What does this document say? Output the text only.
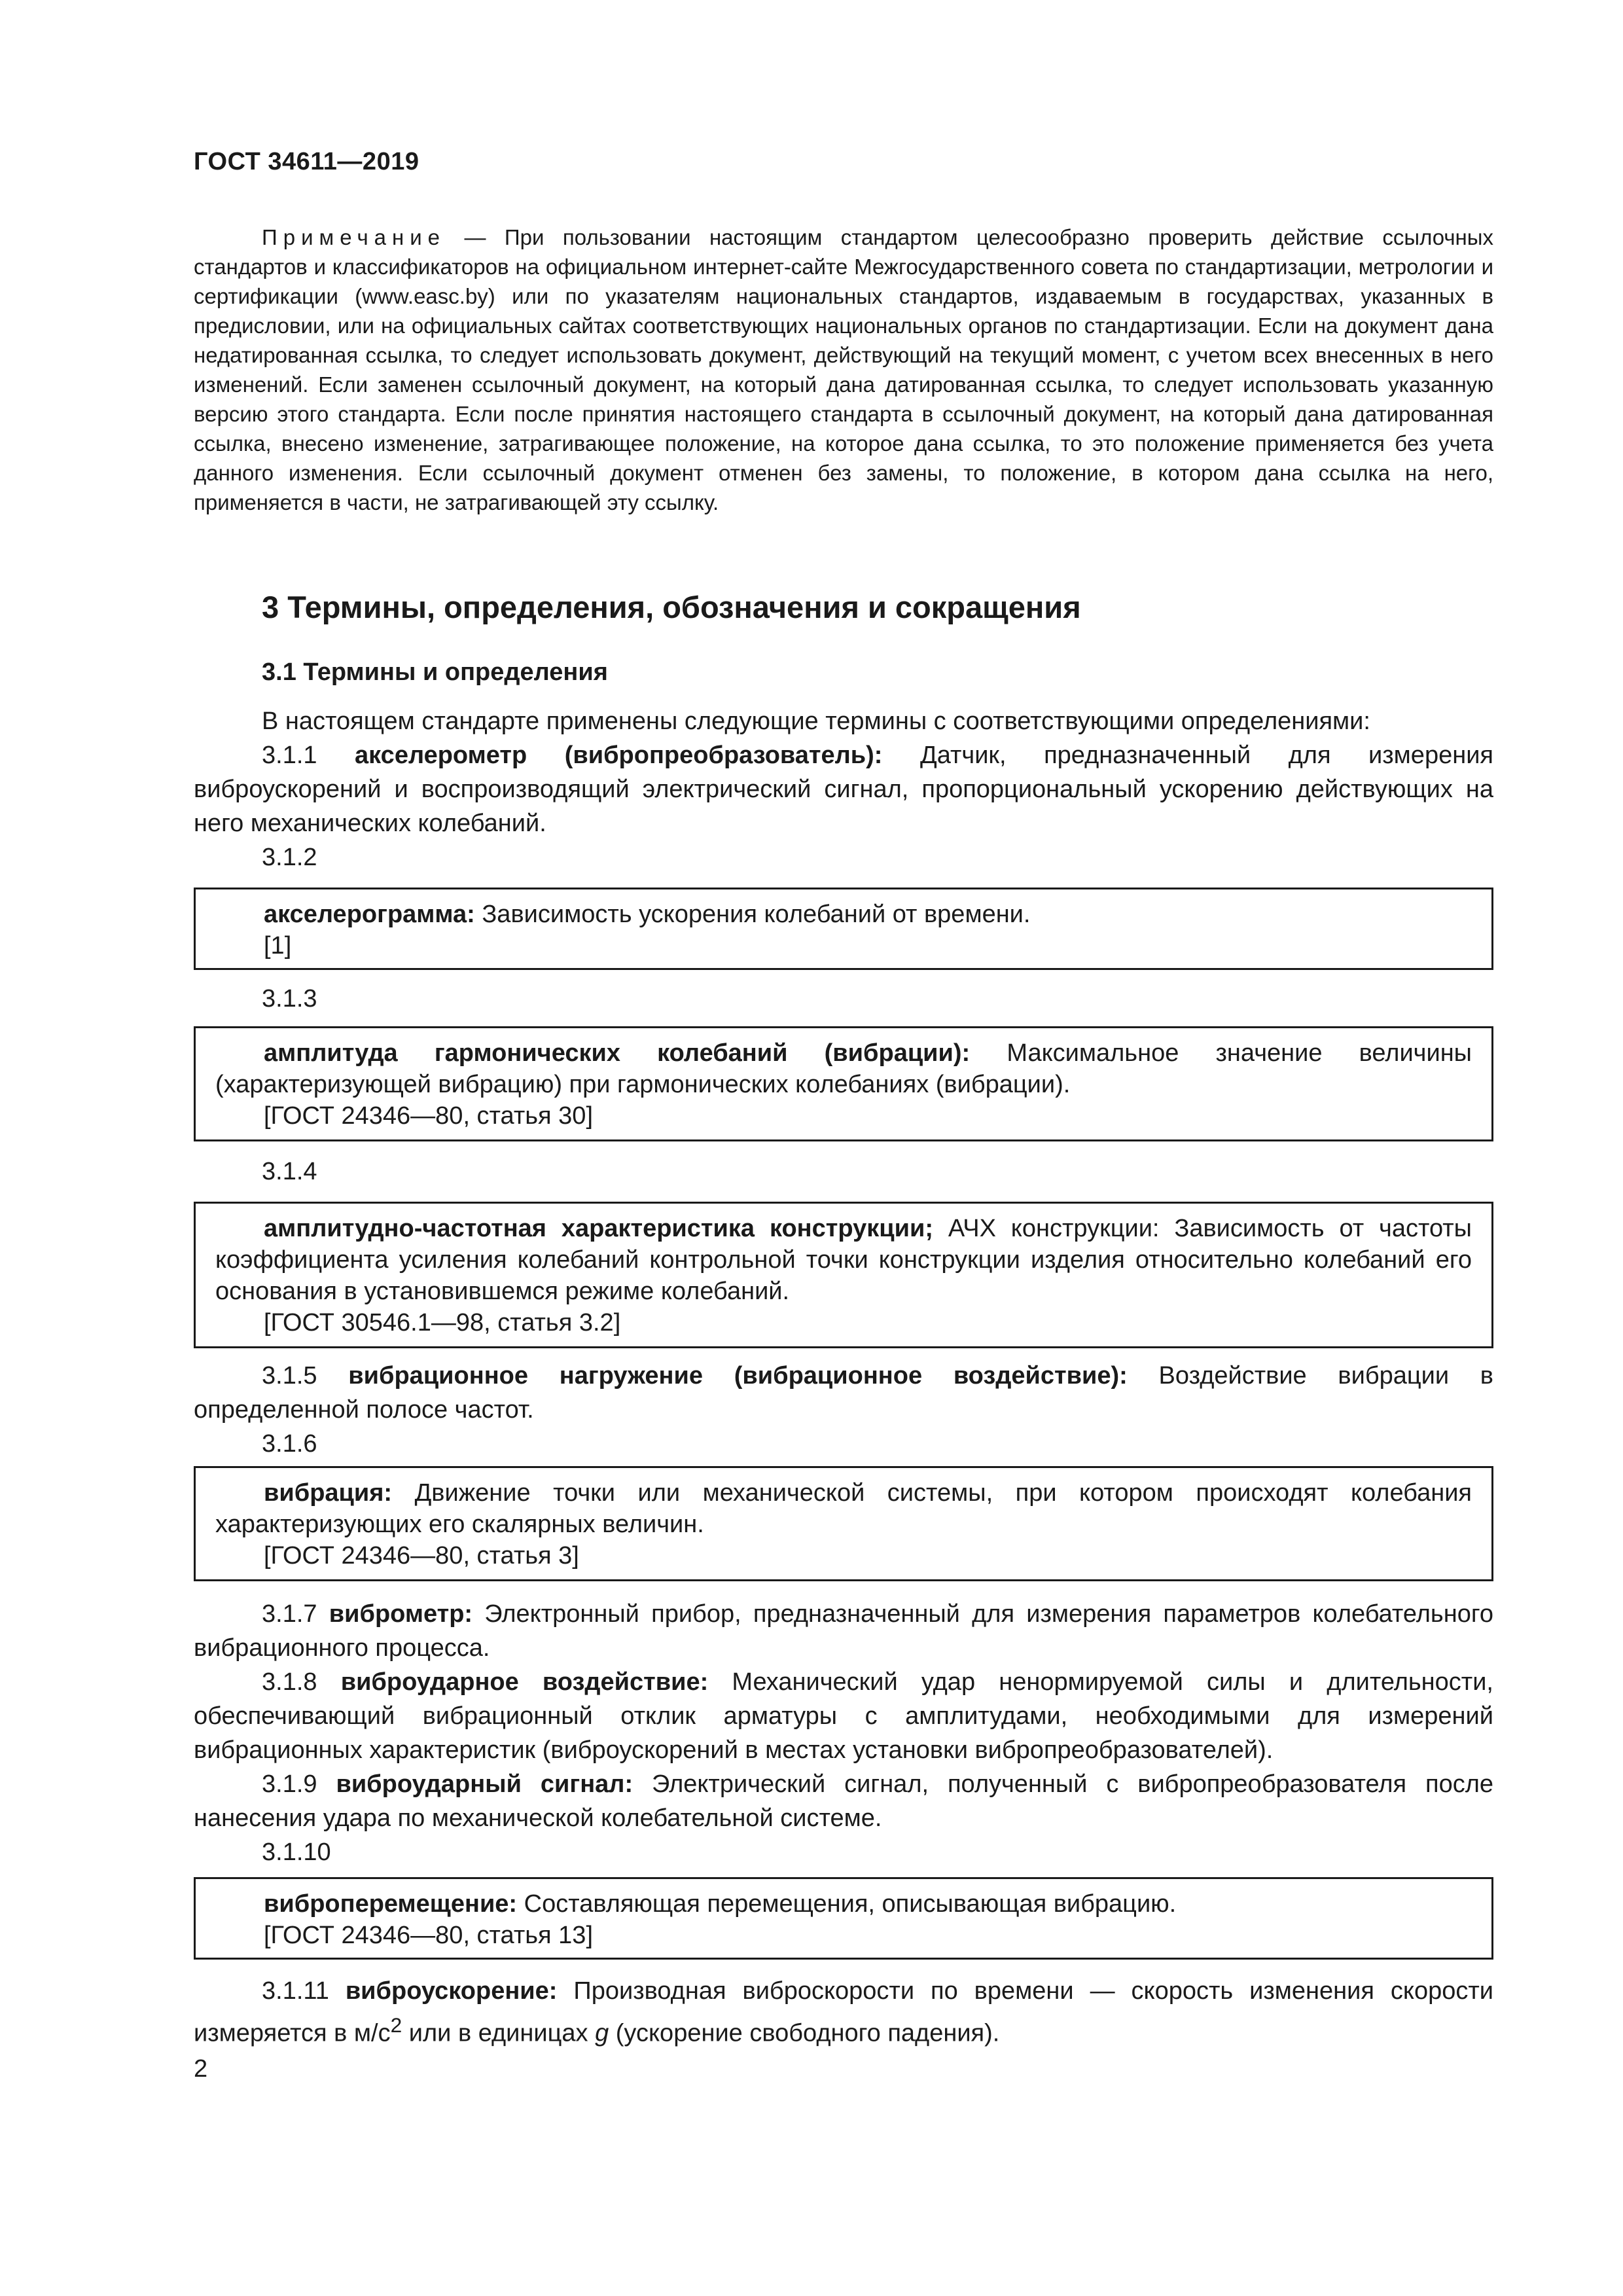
ГОСТ 34611—2019
Примечание — При пользовании настоящим стандартом целесообразно проверить действие ссылочных стандартов и классификаторов на официальном интернет-сайте Межгосударственного совета по стандартизации, метрологии и сертификации (www.easc.by) или по указателям национальных стандартов, издаваемым в государствах, указанных в предисловии, или на официальных сайтах соответствующих национальных органов по стандартизации. Если на документ дана недатированная ссылка, то следует использовать документ, действующий на текущий момент, с учетом всех внесенных в него изменений. Если заменен ссылочный документ, на который дана датированная ссылка, то следует использовать указанную версию этого стандарта. Если после принятия настоящего стандарта в ссылочный документ, на который дана датированная ссылка, внесено изменение, затрагивающее положение, на которое дана ссылка, то это положение применяется без учета данного изменения. Если ссылочный документ отменен без замены, то положение, в котором дана ссылка на него, применяется в части, не затрагивающей эту ссылку.
3 Термины, определения, обозначения и сокращения
3.1 Термины и определения
В настоящем стандарте применены следующие термины с соответствующими определениями:
3.1.1 акселерометр (вибропреобразователь): Датчик, предназначенный для измерения виброускорений и воспроизводящий электрический сигнал, пропорциональный ускорению действующих на него механических колебаний.
3.1.2
акселерограмма: Зависимость ускорения колебаний от времени.
[1]
3.1.3
амплитуда гармонических колебаний (вибрации): Максимальное значение величины (характеризующей вибрацию) при гармонических колебаниях (вибрации).
[ГОСТ 24346—80, статья 30]
3.1.4
амплитудно-частотная характеристика конструкции; АЧХ конструкции: Зависимость от частоты коэффициента усиления колебаний контрольной точки конструкции изделия относительно колебаний его основания в установившемся режиме колебаний.
[ГОСТ 30546.1—98, статья 3.2]
3.1.5 вибрационное нагружение (вибрационное воздействие): Воздействие вибрации в определенной полосе частот.
3.1.6
вибрация: Движение точки или механической системы, при котором происходят колебания характеризующих его скалярных величин.
[ГОСТ 24346—80, статья 3]
3.1.7 виброметр: Электронный прибор, предназначенный для измерения параметров колебательного вибрационного процесса.
3.1.8 виброударное воздействие: Механический удар ненормируемой силы и длительности, обеспечивающий вибрационный отклик арматуры с амплитудами, необходимыми для измерений вибрационных характеристик (виброускорений в местах установки вибропреобразователей).
3.1.9 виброударный сигнал: Электрический сигнал, полученный с вибропреобразователя после нанесения удара по механической колебательной системе.
3.1.10
виброперемещение: Составляющая перемещения, описывающая вибрацию.
[ГОСТ 24346—80, статья 13]
3.1.11 виброускорение: Производная виброскорости по времени — скорость изменения скорости измеряется в $м/с^2$ или в единицах g (ускорение свободного падения).
2
